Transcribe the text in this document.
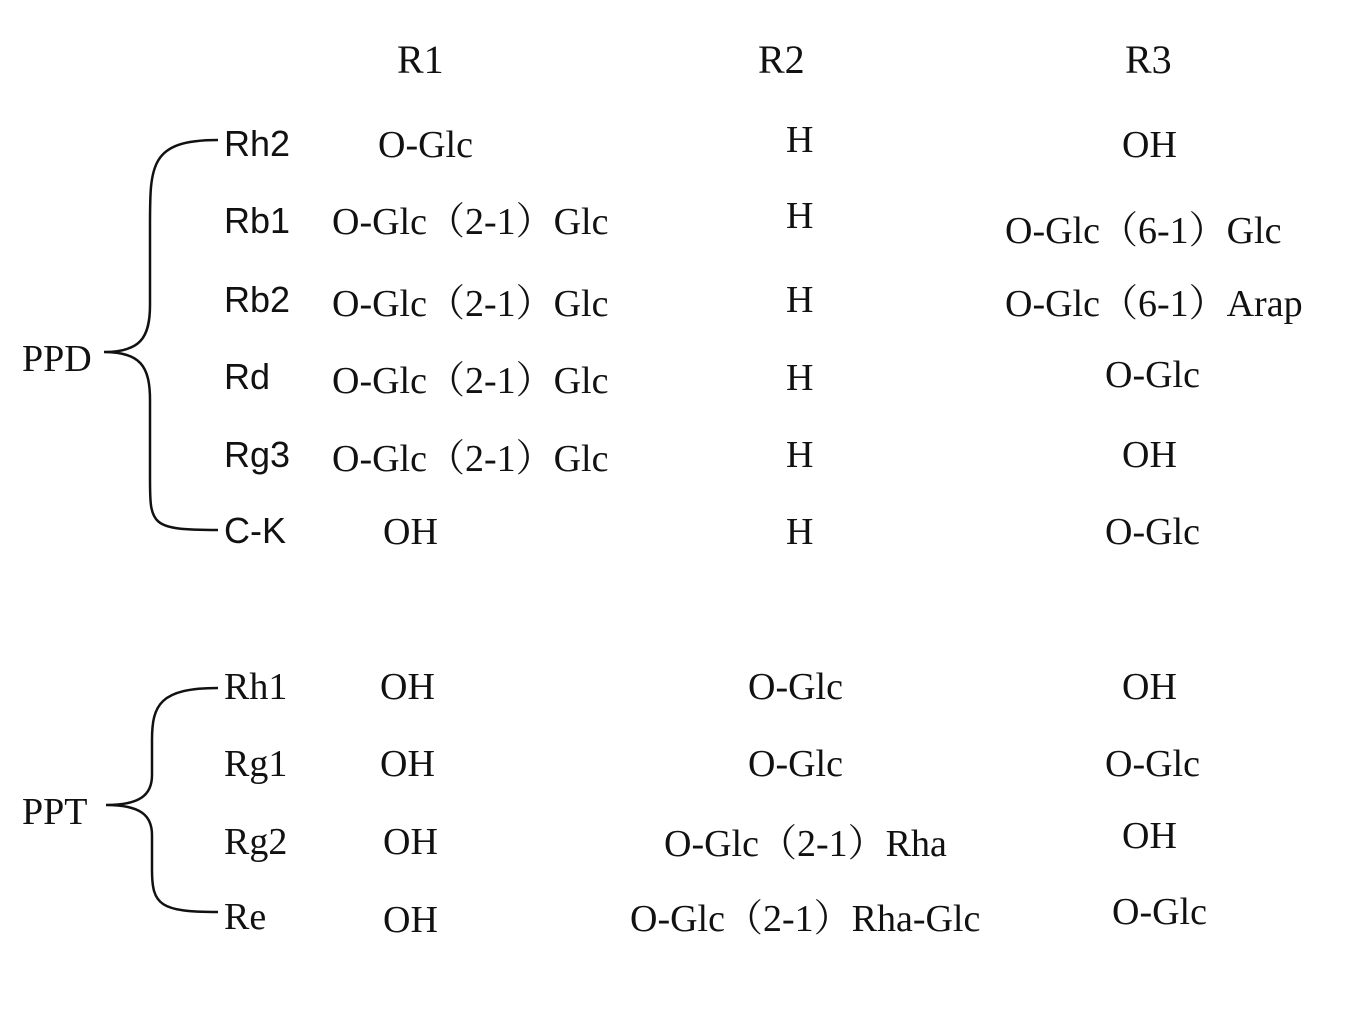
R1	R2	R3
PPD
PPT
Rh2 O-Glc	H	OH
Rb1 O-Glc（2-1）Glc	H	O-Glc（6-1）Glc
Rb2 O-Glc（2-1）Glc	H	O-Glc（6-1）Arap
Rd O-Glc（2-1）Glc	H	O-Glc
Rg3 O-Glc（2-1）Glc	H	OH
C-K	OH	H	O-Glc
Rh1 OH	O-Glc	OH
Rg1 OH	O-Glc	O-Glc
Rg2	OH	O-Glc（2-1）Rha	OH
Re	OH	O-Glc（2-1）Rha-Glc	O-Glc
